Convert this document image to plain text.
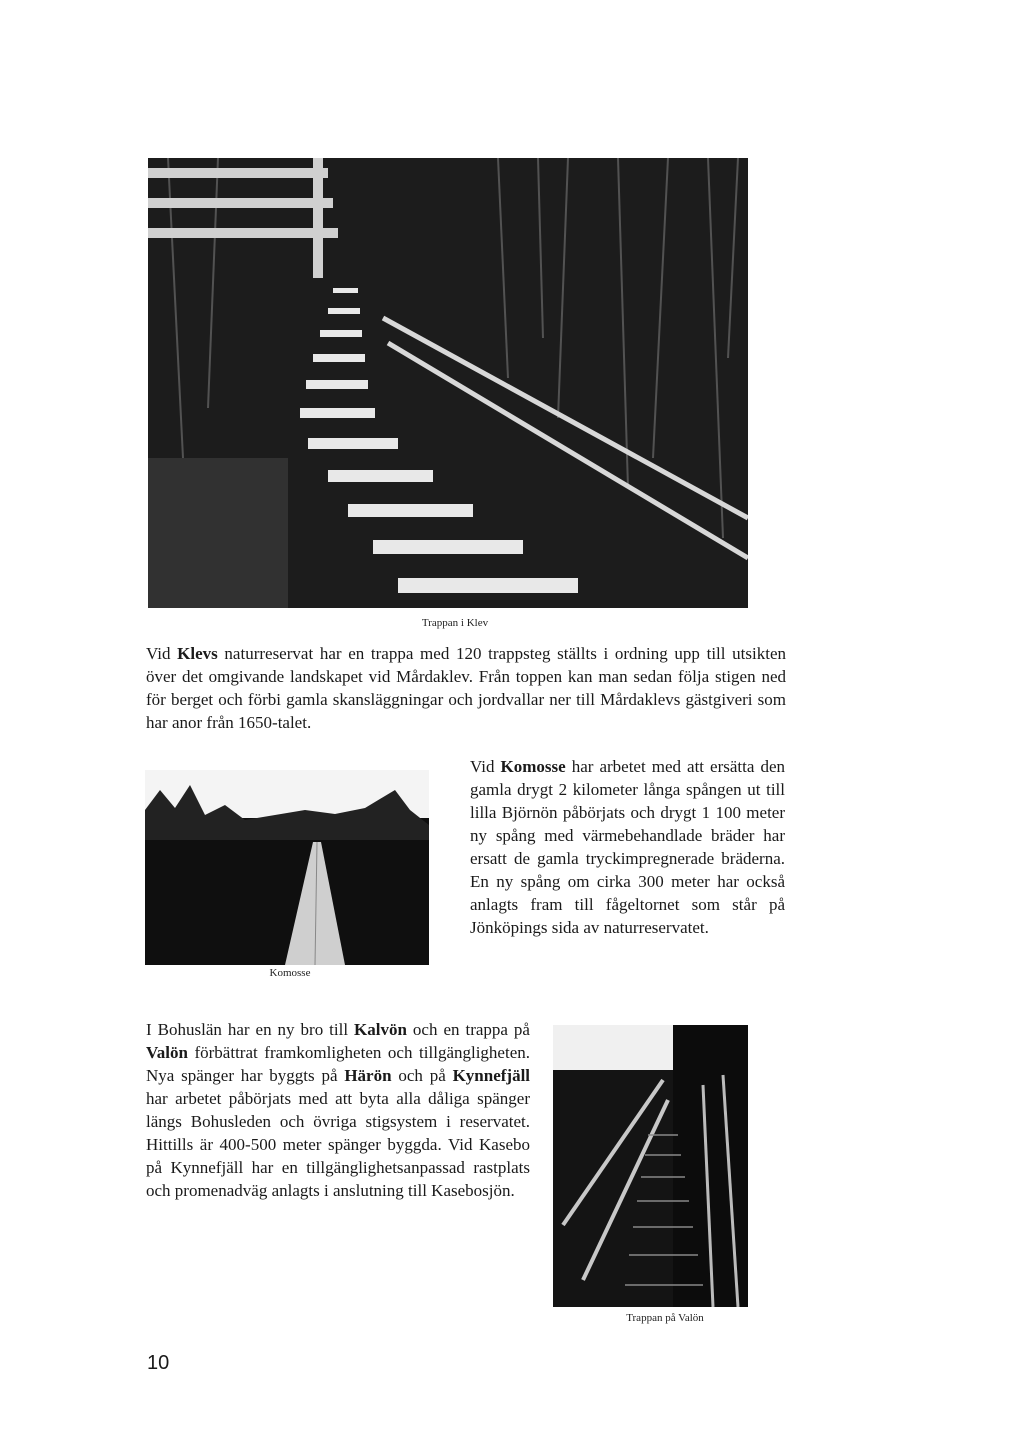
Trappan i Klev

Vid Klevs naturreservat har en trappa med 120 trappsteg ställts i ordning upp till utsikten över det omgivande landskapet vid Mårdaklev. Från toppen kan man sedan följa stigen ned för berget och förbi gamla skansläggningar och jordvallar ner till Mårdaklevs gästgiveri som har anor från 1650-talet.

Komosse

Vid Komosse har arbetet med att ersätta den gamla drygt 2 kilometer långa spången ut till lilla Björnön påbörjats och drygt 1 100 meter ny spång med värmebehandlade bräder har ersatt de gamla tryckimpregnerade bräderna. En ny spång om cirka 300 meter har också anlagts fram till fågeltornet som står på Jönköpings sida av naturreservatet.

I Bohuslän har en ny bro till Kalvön och en trappa på Valön förbättrat framkomligheten och tillgängligheten. Nya spänger har byggts på Härön och på Kynnefjäll har arbetet påbörjats med att byta alla dåliga spänger längs Bohusleden och övriga stigsystem i reservatet. Hittills är 400-500 meter spänger byggda. Vid Kasebo på Kynnefjäll har en tillgänglighetsanpassad rastplats och promenadväg anlagts i anslutning till Kasebosjön.

Trappan på Valön
10
